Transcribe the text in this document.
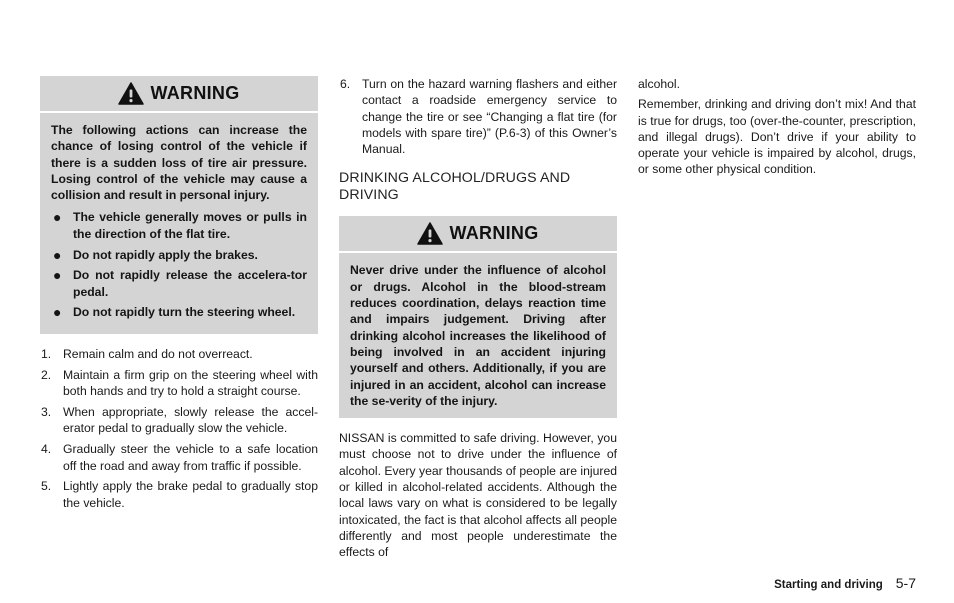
WARNING

The following actions can increase the chance of losing control of the vehicle if there is a sudden loss of tire air pressure. Losing control of the vehicle may cause a collision and result in personal injury.

● The vehicle generally moves or pulls in the direction of the flat tire.
● Do not rapidly apply the brakes.
● Do not rapidly release the accelera-tor pedal.
● Do not rapidly turn the steering wheel.
1. Remain calm and do not overreact.
2. Maintain a firm grip on the steering wheel with both hands and try to hold a straight course.
3. When appropriate, slowly release the accel-erator pedal to gradually slow the vehicle.
4. Gradually steer the vehicle to a safe location off the road and away from traffic if possible.
5. Lightly apply the brake pedal to gradually stop the vehicle.
6. Turn on the hazard warning flashers and either contact a roadside emergency service to change the tire or see “Changing a flat tire (for models with spare tire)” (P.6-3) of this Owner’s Manual.
DRINKING ALCOHOL/DRUGS AND DRIVING
WARNING

Never drive under the influence of alcohol or drugs. Alcohol in the blood-stream reduces coordination, delays reaction time and impairs judgement. Driving after drinking alcohol increases the likelihood of being involved in an accident injuring yourself and others. Additionally, if you are injured in an accident, alcohol can increase the se-verity of the injury.

NISSAN is committed to safe driving. However, you must choose not to drive under the influence of alcohol. Every year thousands of people are injured or killed in alcohol-related accidents. Although the local laws vary on what is considered to be legally intoxicated, the fact is that alcohol affects all people differently and most people underestimate the effects of

alcohol.

Remember, drinking and driving don’t mix! And that is true for drugs, too (over-the-counter, prescription, and illegal drugs). Don’t drive if your ability to operate your vehicle is impaired by alcohol, drugs, or some other physical condition.

Starting and driving 5-7
